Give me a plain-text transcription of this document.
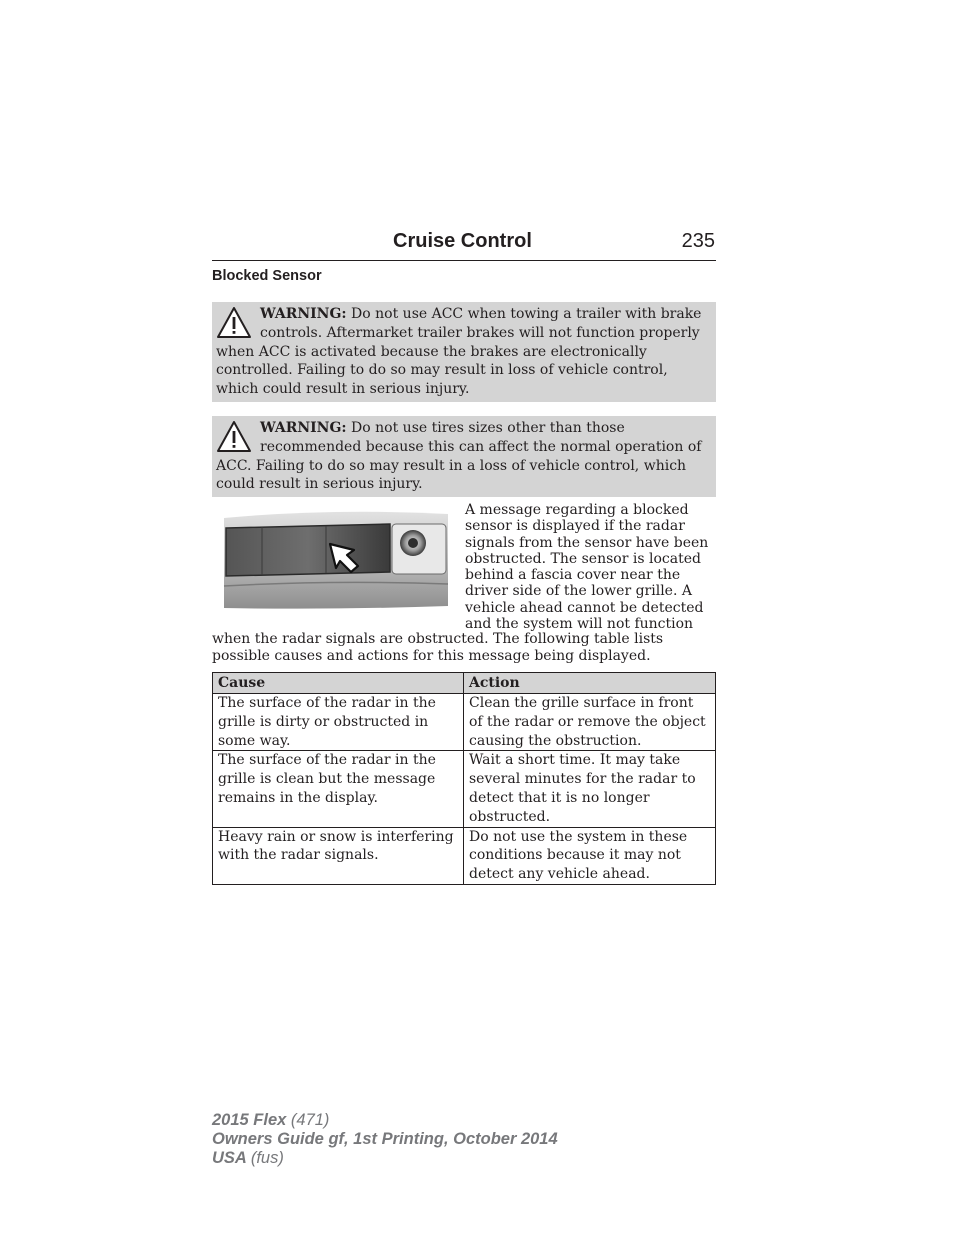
Cruise Control	235
Blocked Sensor
WARNING: Do not use ACC when towing a trailer with brake controls. Aftermarket trailer brakes will not function properly when ACC is activated because the brakes are electronically controlled. Failing to do so may result in loss of vehicle control, which could result in serious injury.
WARNING: Do not use tires sizes other than those recommended because this can affect the normal operation of ACC. Failing to do so may result in a loss of vehicle control, which could result in serious injury.
A message regarding a blocked sensor is displayed if the radar signals from the sensor have been obstructed. The sensor is located behind a fascia cover near the driver side of the lower grille. A vehicle ahead cannot be detected and the system will not function
when the radar signals are obstructed. The following table lists possible causes and actions for this message being displayed.
Cause	Action
The surface of the radar in the grille is dirty or obstructed in some way.	Clean the grille surface in front of the radar or remove the object causing the obstruction.
The surface of the radar in the grille is clean but the message remains in the display.	Wait a short time. It may take several minutes for the radar to detect that it is no longer obstructed.
Heavy rain or snow is interfering with the radar signals.	Do not use the system in these conditions because it may not detect any vehicle ahead.
2015 Flex (471)
Owners Guide gf, 1st Printing, October 2014
USA (fus)
